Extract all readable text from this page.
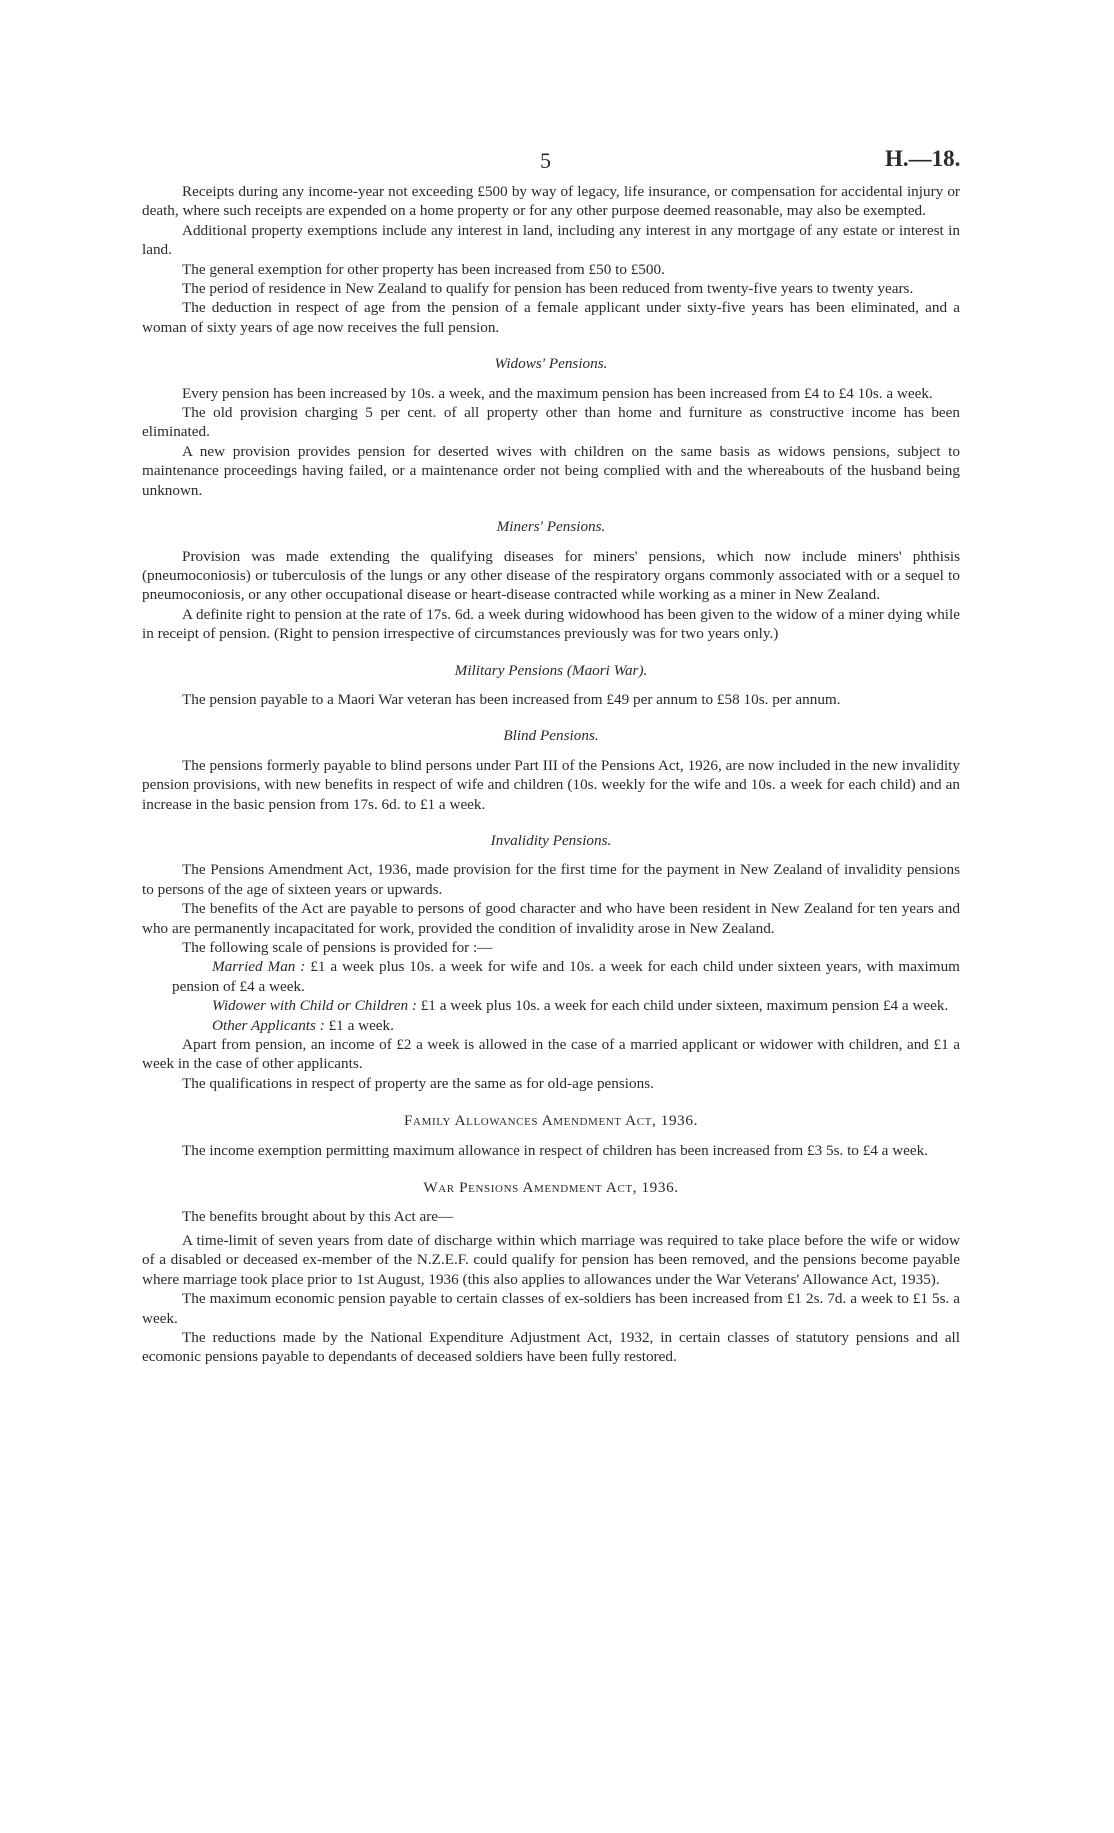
5	H.—18.

Receipts during any income-year not exceeding £500 by way of legacy, life insurance, or compensation for accidental injury or death, where such receipts are expended on a home property or for any other purpose deemed reasonable, may also be exempted.

Additional property exemptions include any interest in land, including any interest in any mortgage of any estate or interest in land.

The general exemption for other property has been increased from £50 to £500.

The period of residence in New Zealand to qualify for pension has been reduced from twenty-five years to twenty years.

The deduction in respect of age from the pension of a female applicant under sixty-five years has been eliminated, and a woman of sixty years of age now receives the full pension.

Widows' Pensions.

Every pension has been increased by 10s. a week, and the maximum pension has been increased from £4 to £4 10s. a week.

The old provision charging 5 per cent. of all property other than home and furniture as constructive income has been eliminated.

A new provision provides pension for deserted wives with children on the same basis as widows pensions, subject to maintenance proceedings having failed, or a maintenance order not being complied with and the whereabouts of the husband being unknown.

Miners' Pensions.

Provision was made extending the qualifying diseases for miners' pensions, which now include miners' phthisis (pneumoconiosis) or tuberculosis of the lungs or any other disease of the respiratory organs commonly associated with or a sequel to pneumoconiosis, or any other occupational disease or heart-disease contracted while working as a miner in New Zealand.

A definite right to pension at the rate of 17s. 6d. a week during widowhood has been given to the widow of a miner dying while in receipt of pension. (Right to pension irrespective of circumstances previously was for two years only.)

Military Pensions (Maori War).

The pension payable to a Maori War veteran has been increased from £49 per annum to £58 10s. per annum.

Blind Pensions.

The pensions formerly payable to blind persons under Part III of the Pensions Act, 1926, are now included in the new invalidity pension provisions, with new benefits in respect of wife and children (10s. weekly for the wife and 10s. a week for each child) and an increase in the basic pension from 17s. 6d. to £1 a week.

Invalidity Pensions.

The Pensions Amendment Act, 1936, made provision for the first time for the payment in New Zealand of invalidity pensions to persons of the age of sixteen years or upwards.

The benefits of the Act are payable to persons of good character and who have been resident in New Zealand for ten years and who are permanently incapacitated for work, provided the condition of invalidity arose in New Zealand.

The following scale of pensions is provided for :—

Married Man : £1 a week plus 10s. a week for wife and 10s. a week for each child under sixteen years, with maximum pension of £4 a week.

Widower with Child or Children : £1 a week plus 10s. a week for each child under sixteen, maximum pension £4 a week.

Other Applicants : £1 a week.

Apart from pension, an income of £2 a week is allowed in the case of a married applicant or widower with children, and £1 a week in the case of other applicants.

The qualifications in respect of property are the same as for old-age pensions.

Family Allowances Amendment Act, 1936.

The income exemption permitting maximum allowance in respect of children has been increased from £3 5s. to £4 a week.

War Pensions Amendment Act, 1936.

The benefits brought about by this Act are—

A time-limit of seven years from date of discharge within which marriage was required to take place before the wife or widow of a disabled or deceased ex-member of the N.Z.E.F. could qualify for pension has been removed, and the pensions become payable where marriage took place prior to 1st August, 1936 (this also applies to allowances under the War Veterans' Allowance Act, 1935).

The maximum economic pension payable to certain classes of ex-soldiers has been increased from £1 2s. 7d. a week to £1 5s. a week.

The reductions made by the National Expenditure Adjustment Act, 1932, in certain classes of statutory pensions and all ecomonic pensions payable to dependants of deceased soldiers have been fully restored.
